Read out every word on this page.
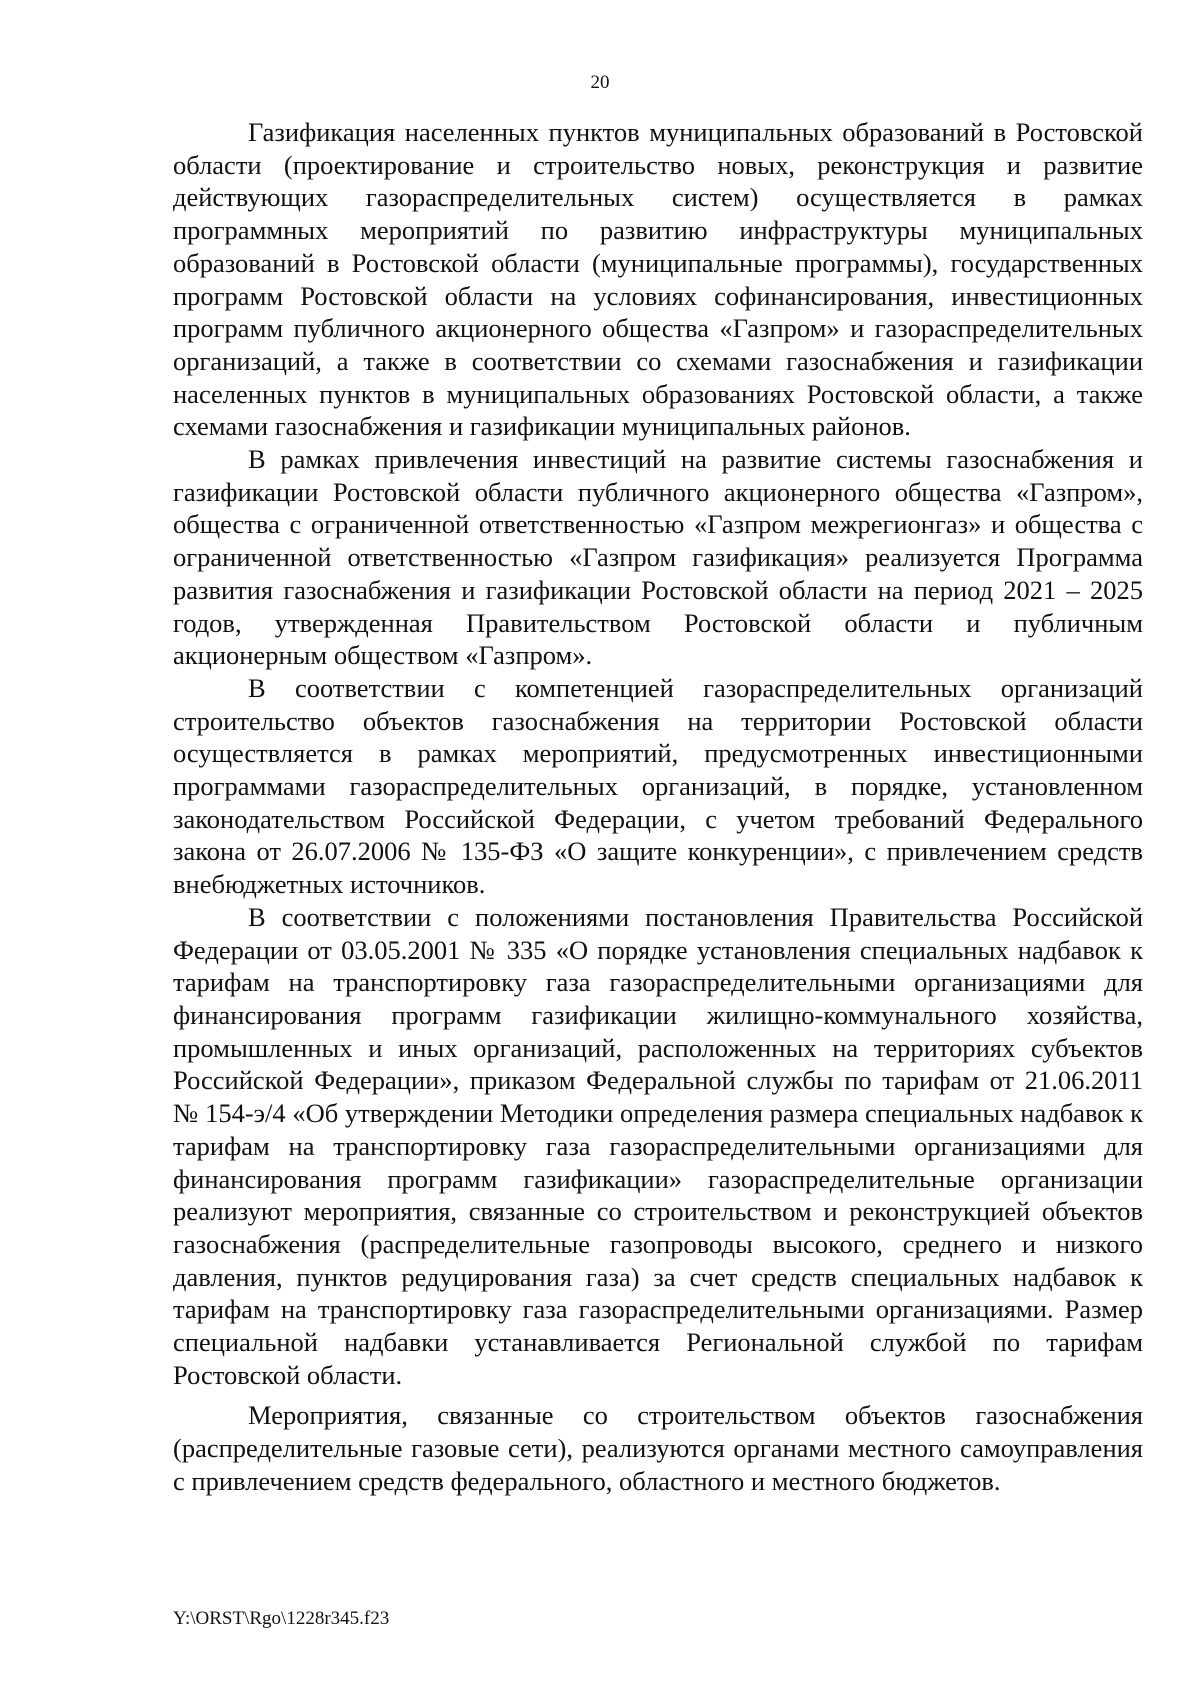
20

Газификация населенных пунктов муниципальных образований в Ростовской области (проектирование и строительство новых, реконструкция и развитие действующих газораспределительных систем) осуществляется в рамках программных мероприятий по развитию инфраструктуры муниципальных образований в Ростовской области (муниципальные программы), государственных программ Ростовской области на условиях софинансирования, инвестиционных программ публичного акционерного общества «Газпром» и газораспределительных организаций, а также в соответствии со схемами газоснабжения и газификации населенных пунктов в муниципальных образованиях Ростовской области, а также схемами газоснабжения и газификации муниципальных районов.

В рамках привлечения инвестиций на развитие системы газоснабжения и газификации Ростовской области публичного акционерного общества «Газпром», общества с ограниченной ответственностью «Газпром межрегионгаз» и общества с ограниченной ответственностью «Газпром газификация» реализуется Программа развития газоснабжения и газификации Ростовской области на период 2021 – 2025 годов, утвержденная Правительством Ростовской области и публичным акционерным обществом «Газпром».

В соответствии с компетенцией газораспределительных организаций строительство объектов газоснабжения на территории Ростовской области осуществляется в рамках мероприятий, предусмотренных инвестиционными программами газораспределительных организаций, в порядке, установленном законодательством Российской Федерации, с учетом требований Федерального закона от 26.07.2006 № 135-ФЗ «О защите конкуренции», с привлечением средств внебюджетных источников.

В соответствии с положениями постановления Правительства Российской Федерации от 03.05.2001 № 335 «О порядке установления специальных надбавок к тарифам на транспортировку газа газораспределительными организациями для финансирования программ газификации жилищно-коммунального хозяйства, промышленных и иных организаций, расположенных на территориях субъектов Российской Федерации», приказом Федеральной службы по тарифам от 21.06.2011 № 154-э/4 «Об утверждении Методики определения размера специальных надбавок к тарифам на транспортировку газа газораспределительными организациями для финансирования программ газификации» газораспределительные организации реализуют мероприятия, связанные со строительством и реконструкцией объектов газоснабжения (распределительные газопроводы высокого, среднего и низкого давления, пунктов редуцирования газа) за счет средств специальных надбавок к тарифам на транспортировку газа газораспределительными организациями. Размер специальной надбавки устанавливается Региональной службой по тарифам Ростовской области.

Мероприятия, связанные со строительством объектов газоснабжения (распределительные газовые сети), реализуются органами местного самоуправления с привлечением средств федерального, областного и местного бюджетов.

Y:\ORST\Rgo\1228r345.f23
